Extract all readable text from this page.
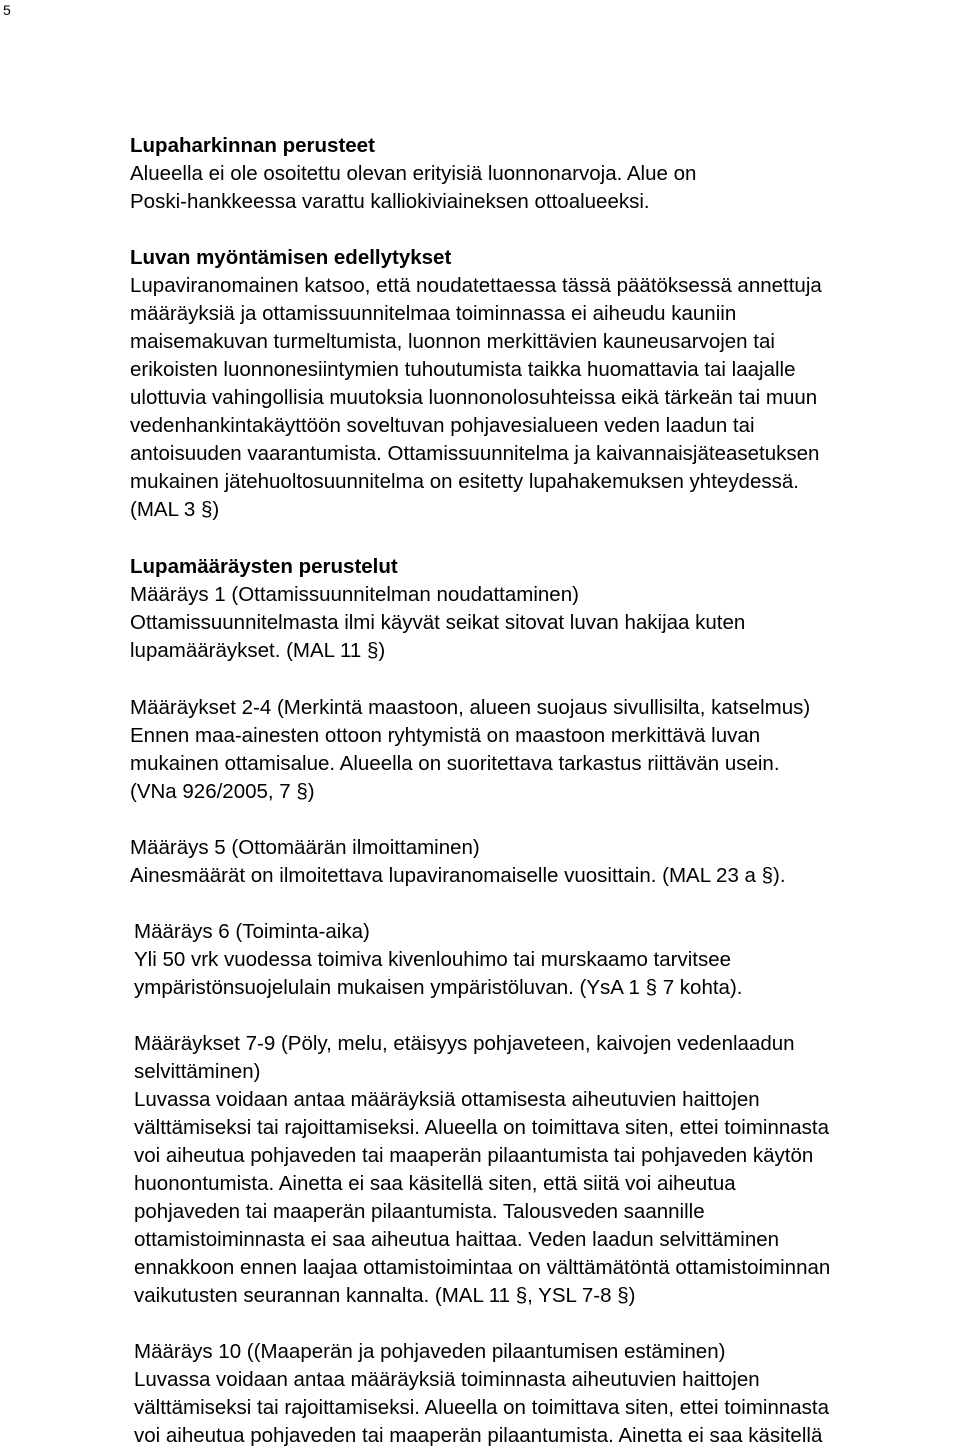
5
Lupaharkinnan perusteet
Alueella ei ole osoitettu olevan erityisiä luonnonarvoja. Alue on
Poski-hankkeessa varattu kalliokiviaineksen ottoalueeksi.
Luvan myöntämisen edellytykset
Lupaviranomainen katsoo, että noudatettaessa tässä päätöksessä annettuja
määräyksiä ja ottamissuunnitelmaa toiminnassa ei aiheudu kauniin
maisemakuvan turmeltumista, luonnon merkittävien kauneusarvojen tai
erikoisten luonnonesiintymien tuhoutumista taikka huomattavia tai laajalle
ulottuvia vahingollisia muutoksia luonnonolosuhteissa eikä tärkeän tai muun
vedenhankintakäyttöön soveltuvan pohjavesialueen veden laadun tai
antoisuuden vaarantumista. Ottamissuunnitelma ja kaivannaisjäteasetuksen
mukainen jätehuoltosuunnitelma on esitetty lupahakemuksen yhteydessä.
(MAL 3 §)
Lupamääräysten perustelut
Määräys 1 (Ottamissuunnitelman noudattaminen)
Ottamissuunnitelmasta ilmi käyvät seikat sitovat luvan hakijaa kuten
lupamääräykset. (MAL 11 §)
Määräykset 2-4 (Merkintä maastoon, alueen suojaus sivullisilta, katselmus)
Ennen maa-ainesten ottoon ryhtymistä on maastoon merkittävä luvan
mukainen ottamisalue. Alueella on suoritettava tarkastus riittävän usein.
(VNa 926/2005, 7 §)
Määräys 5 (Ottomäärän ilmoittaminen)
Ainesmäärät on ilmoitettava lupaviranomaiselle vuosittain. (MAL 23 a §).
Määräys 6 (Toiminta-aika)
Yli 50 vrk vuodessa toimiva kivenlouhimo tai murskaamo tarvitsee
ympäristönsuojelulain mukaisen ympäristöluvan. (YsA 1 § 7 kohta).
Määräykset 7-9 (Pöly, melu, etäisyys pohjaveteen, kaivojen vedenlaadun
selvittäminen)
Luvassa voidaan antaa määräyksiä ottamisesta aiheutuvien haittojen
välttämiseksi tai rajoittamiseksi. Alueella on toimittava siten, ettei toiminnasta
voi aiheutua pohjaveden tai maaperän pilaantumista tai pohjaveden käytön
huonontumista. Ainetta ei saa käsitellä siten, että siitä voi aiheutua
pohjaveden tai maaperän pilaantumista. Talousveden saannille
ottamistoiminnasta ei saa aiheutua haittaa. Veden laadun selvittäminen
ennakkoon ennen laajaa ottamistoimintaa on välttämätöntä ottamistoiminnan
vaikutusten seurannan kannalta. (MAL 11 §, YSL 7-8 §)
Määräys 10 ((Maaperän ja pohjaveden pilaantumisen estäminen)
Luvassa voidaan antaa määräyksiä toiminnasta aiheutuvien haittojen
välttämiseksi tai rajoittamiseksi. Alueella on toimittava siten, ettei toiminnasta
voi aiheutua pohjaveden tai maaperän pilaantumista. Ainetta ei saa käsitellä
